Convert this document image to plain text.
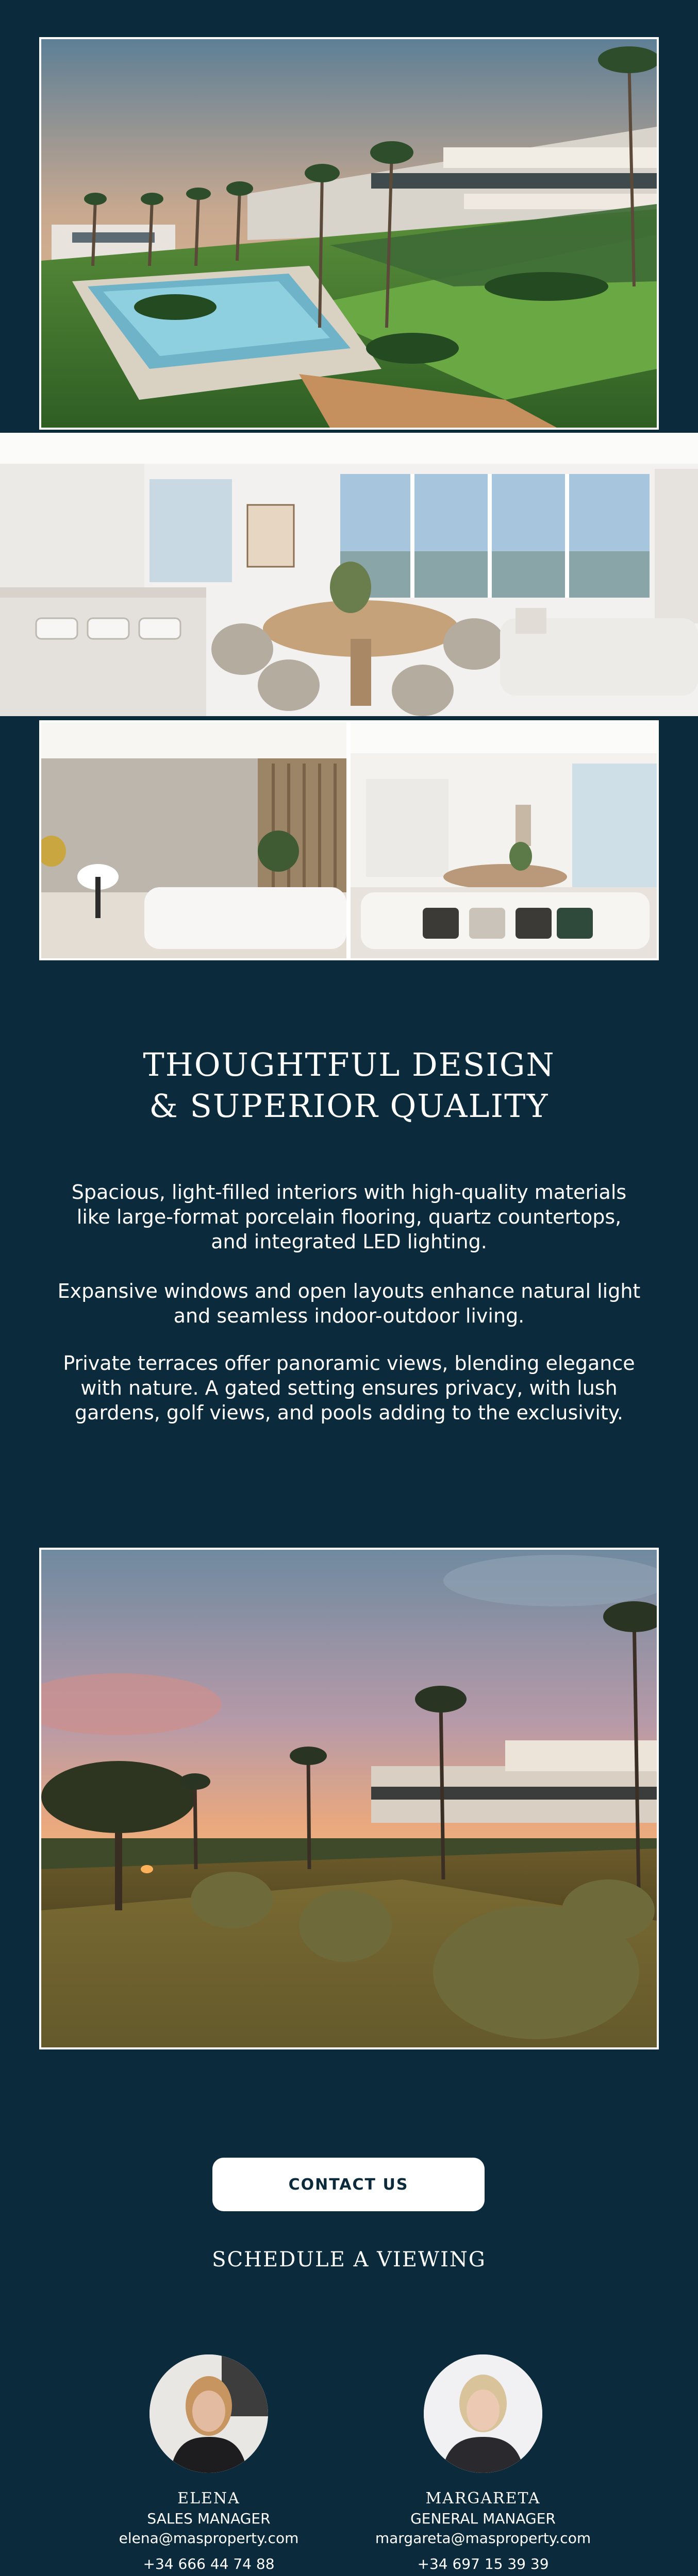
THOUGHTFUL DESIGN
& SUPERIOR QUALITY
Spacious, light-filled interiors with high-quality materials like large-format porcelain flooring, quartz countertops, and integrated LED lighting.
Expansive windows and open layouts enhance natural light and seamless indoor-outdoor living.
Private terraces offer panoramic views, blending elegance with nature. A gated setting ensures privacy, with lush gardens, golf views, and pools adding to the exclusivity.
CONTACT US
SCHEDULE A VIEWING
ELENA
SALES MANAGER
elena@masproperty.com
+34 666 44 74 88
MARGARETA
GENERAL MANAGER
margareta@masproperty.com
+34 697 15 39 39
